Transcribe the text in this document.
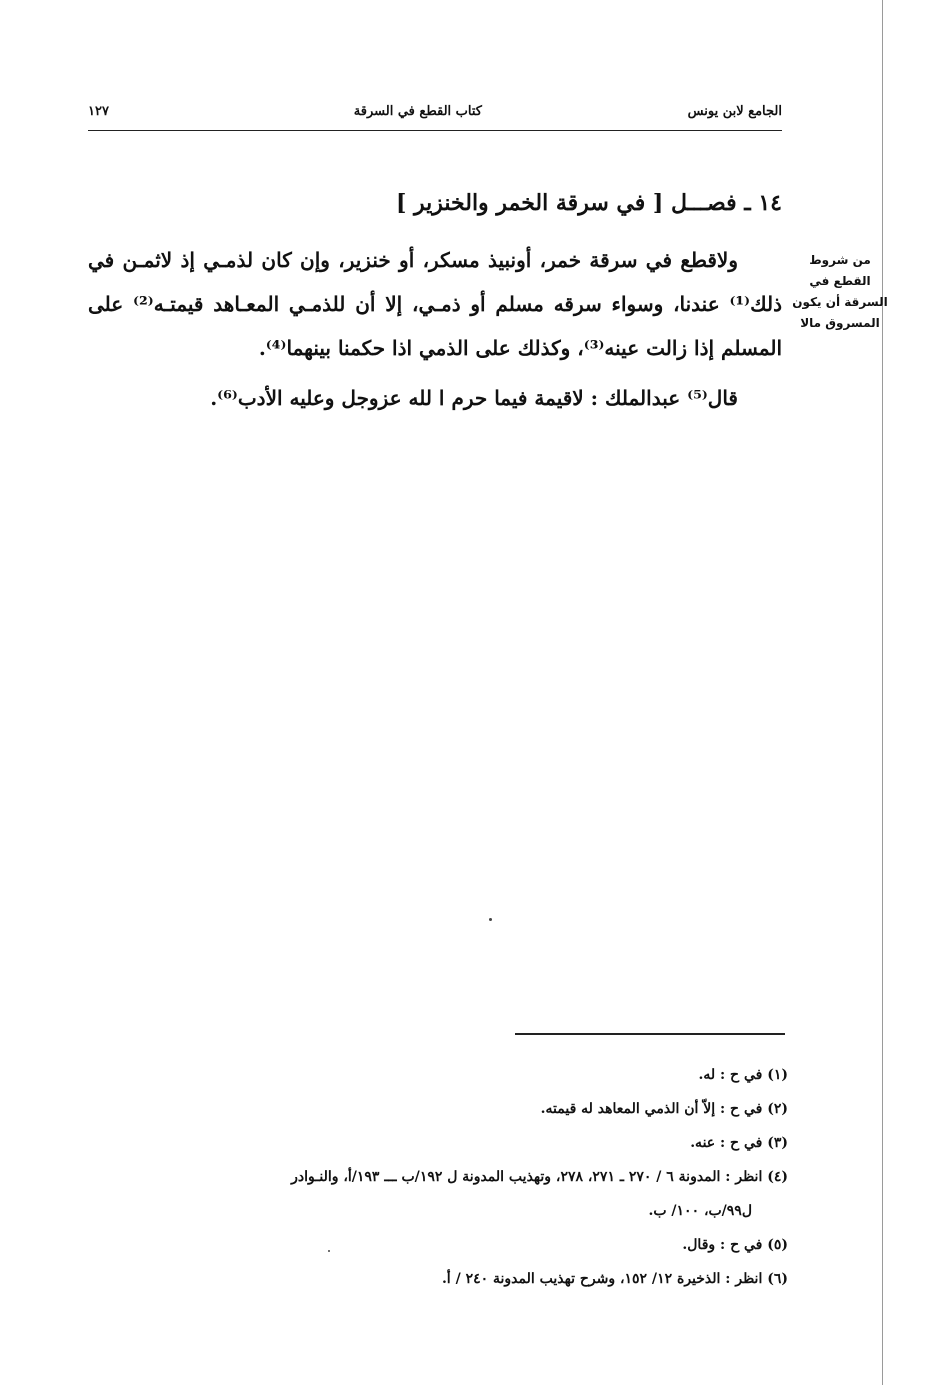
الجامع لابن يونس
كتاب القطع في السرقة
١٢٧
١٤ ـ فصـــل [ في سرقة الخمر والخنزير ]
من شروط القطع في السرقة أن يكون المسروق مالا

ولاقطع في سرقة خمر، أونبيذ مسكر، أو خنزير، وإن كان لذمـي إذ لاثمـن في ذلك⁽¹⁾ عندنا، وسواء سرقه مسلم أو ذمـي، إلا أن للذمـي المعـاهد قيمتـه⁽²⁾ على المسلم إذا زالت عينه⁽³⁾، وكذلك على الذمي اذا حكمنا بينهما⁽⁴⁾.

قال⁽⁵⁾ عبدالملك : لاقيمة فيما حرم ا لله عزوجل وعليه الأدب⁽⁶⁾.

(١) في ح : له.
(٢) في ح : إلاّ أن الذمي المعاهد له قيمته.
(٣) في ح : عنه.
(٤) انظر : المدونة ٦ / ٢٧٠ ـ ٢٧١، ٢٧٨، وتهذيب المدونة ل ١٩٢/ب ـــ ١٩٣/أ، والنـوادر
ل٩٩/ب، ١٠٠/ ب.
(٥) في ح : وقال.
(٦) انظر : الذخيرة ١٢/ ١٥٢، وشرح تهذيب المدونة ٢٤٠ / أ.
